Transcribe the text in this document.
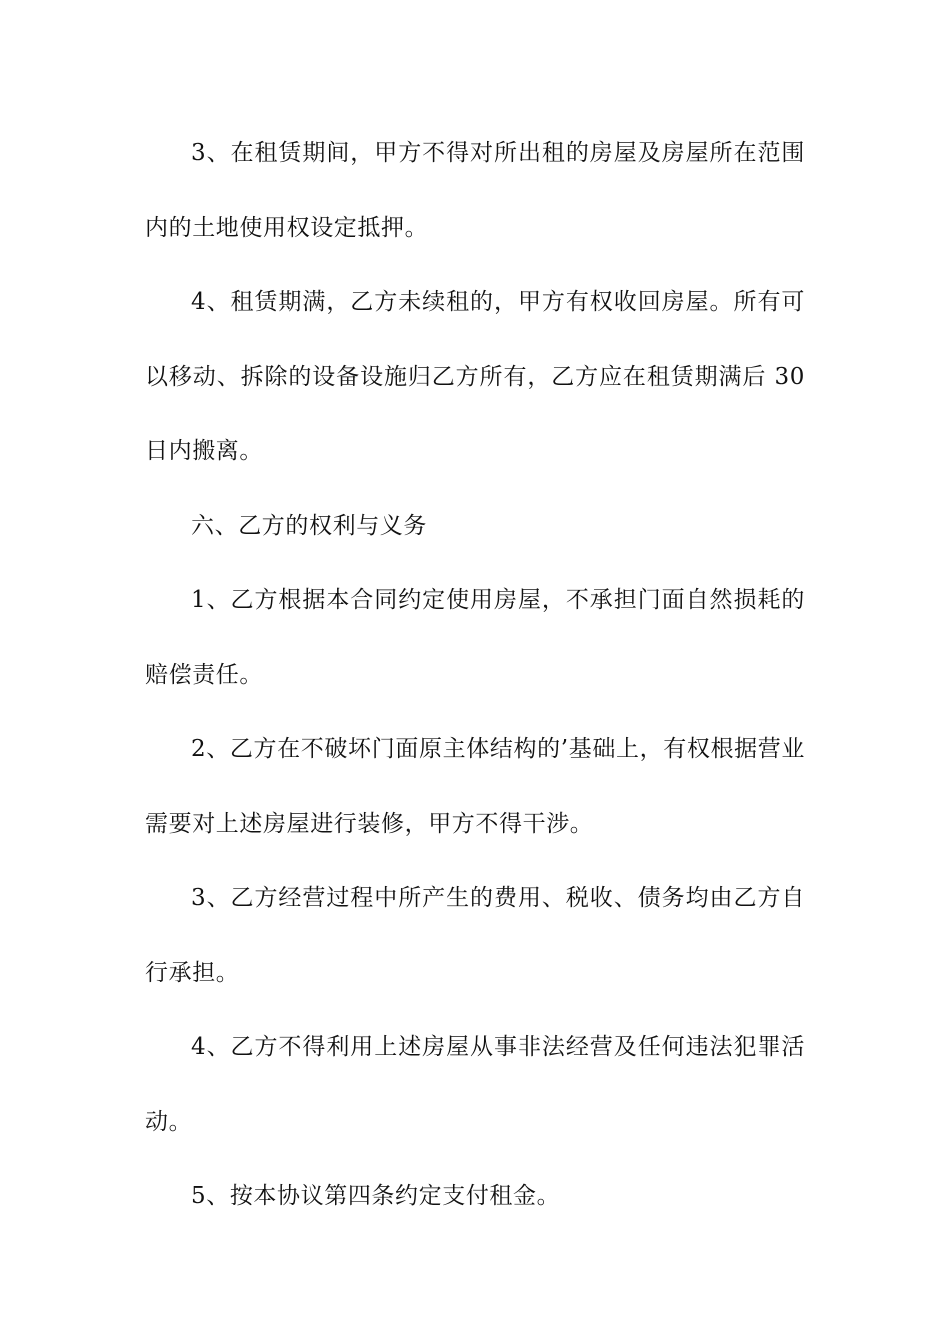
3、在租赁期间，甲方不得对所出租的房屋及房屋所在范围内的土地使用权设定抵押。

4、租赁期满，乙方未续租的，甲方有权收回房屋。所有可以移动、拆除的设备设施归乙方所有，乙方应在租赁期满后 30 日内搬离。

六、乙方的权利与义务

1、乙方根据本合同约定使用房屋，不承担门面自然损耗的赔偿责任。

2、乙方在不破坏门面原主体结构的’基础上，有权根据营业需要对上述房屋进行装修，甲方不得干涉。

3、乙方经营过程中所产生的费用、税收、债务均由乙方自行承担。

4、乙方不得利用上述房屋从事非法经营及任何违法犯罪活动。

5、按本协议第四条约定支付租金。
